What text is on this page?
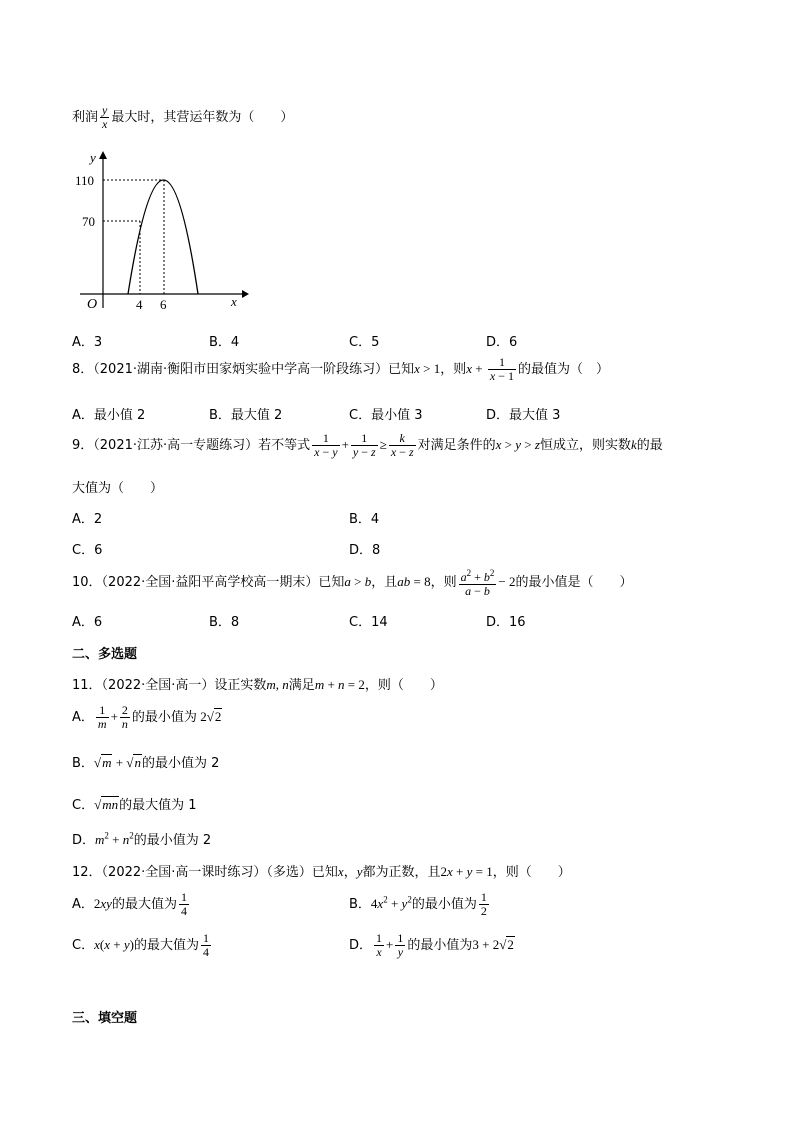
利润 $\frac{y}{x}$ 最大时，其营运年数为（　　）
y
x
O
110
70
4 6
A．3	B．4	C．5	D．6
8．（2021·湖南·衡阳市田家炳实验中学高一阶段练习）已知x > 1，则$x + \frac{1}{x - 1}$ 的最值为（　）
A．最小值 2	B．最大值 2	C．最小值 3	D．最大值 3
9．（2021·江苏·高一专题练习）若不等式 $\frac{1}{x - y} + \frac{1}{y - z} \ge \frac{k}{x - z}$ 对满足条件的x > y > z恒成立，则实数k的最
大值为（　　）
A．2	B．4
C．6	D．8
10．（2022·全国·益阳平高学校高一期末）已知a > b，且ab = 8，则 $\frac{a^2 + b^2}{a - b} - 2$的最小值是（　　）
A．6	B．8	C．14	D．16
二、多选题
11．（2022·全国·高一）设正实数m, n满足m + n = 2，则（　　）
A． $\frac{1}{m} + \frac{2}{n}$ 的最小值为 2√2
B．√m + √n的最小值为 2
C．√mn的最大值为 1
D．$m^2 + n^2$的最小值为 2
12．（2022·全国·高一课时练习）（多选）已知x，y都为正数，且2x + y = 1，则（　　）
A．2xy的最大值为 $\frac{1}{4}$	B．$4x^2 + y^2$的最小值为 $\frac{1}{2}$
C．x(x + y)的最大值为 $\frac{1}{4}$	D． $\frac{1}{x} + \frac{1}{y}$ 的最小值为3 + 2√2
三、填空题
